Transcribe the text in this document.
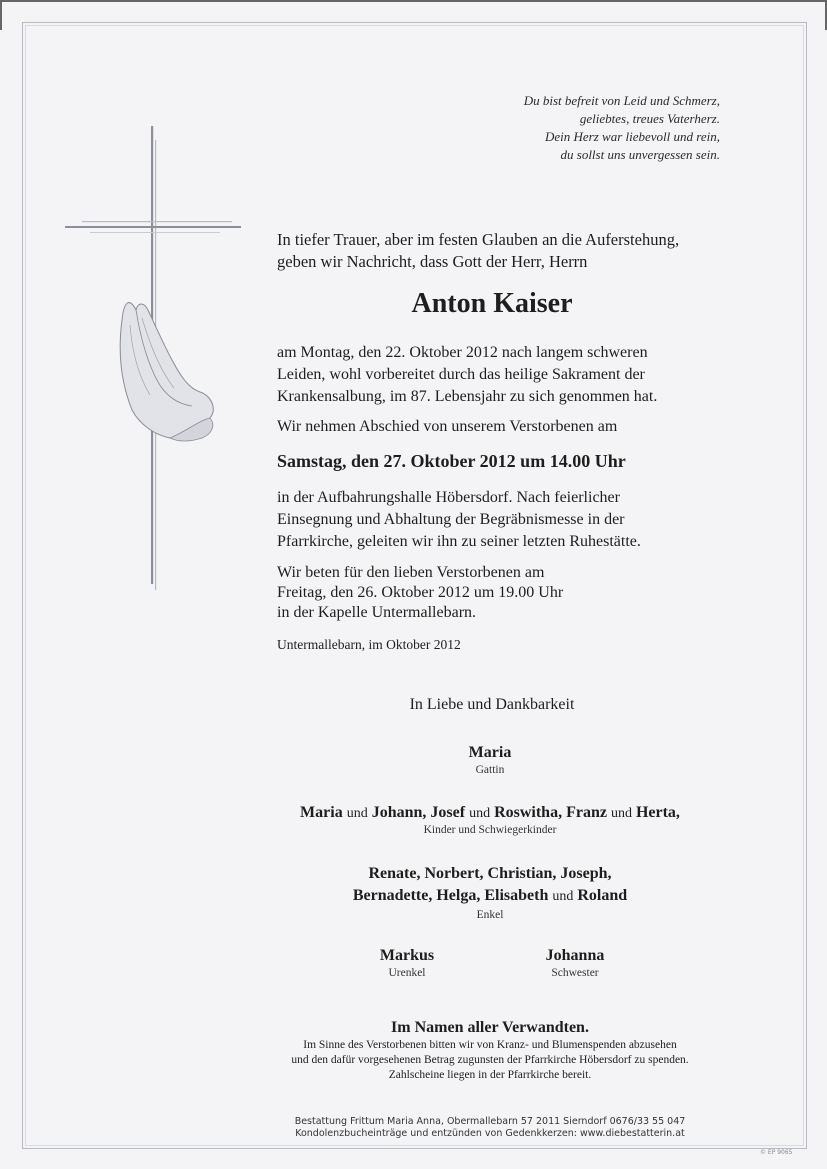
Du bist befreit von Leid und Schmerz,
geliebtes, treues Vaterherz.
Dein Herz war liebevoll und rein,
du sollst uns unvergessen sein.
In tiefer Trauer, aber im festen Glauben an die Auferstehung,
geben wir Nachricht, dass Gott der Herr, Herrn
Anton Kaiser
am Montag, den 22. Oktober 2012 nach langem schweren
Leiden, wohl vorbereitet durch das heilige Sakrament der
Krankensalbung, im 87. Lebensjahr zu sich genommen hat.
Wir nehmen Abschied von unserem Verstorbenen am
Samstag, den 27. Oktober 2012 um 14.00 Uhr
in der Aufbahrungshalle Höbersdorf. Nach feierlicher
Einsegnung und Abhaltung der Begräbnismesse in der
Pfarrkirche, geleiten wir ihn zu seiner letzten Ruhestätte.
Wir beten für den lieben Verstorbenen am
Freitag, den 26. Oktober 2012 um 19.00 Uhr
in der Kapelle Untermallebarn.
Untermallebarn, im Oktober 2012
In Liebe und Dankbarkeit
Maria
Gattin
Maria und Johann, Josef und Roswitha, Franz und Herta,
Kinder und Schwiegerkinder
Renate, Norbert, Christian, Joseph,
Bernadette, Helga, Elisabeth und Roland
Enkel
Markus
Urenkel
Johanna
Schwester
Im Namen aller Verwandten.
Im Sinne des Verstorbenen bitten wir von Kranz- und Blumenspenden abzusehen
und den dafür vorgesehenen Betrag zugunsten der Pfarrkirche Höbersdorf zu spenden.
Zahlscheine liegen in der Pfarrkirche bereit.
Bestattung Frittum Maria Anna, Obermallebarn 57 2011 Sierndorf 0676/33 55 047
Kondolenzbucheinträge und entzünden von Gedenkkerzen: www.diebestatterin.at
© EP 9065
